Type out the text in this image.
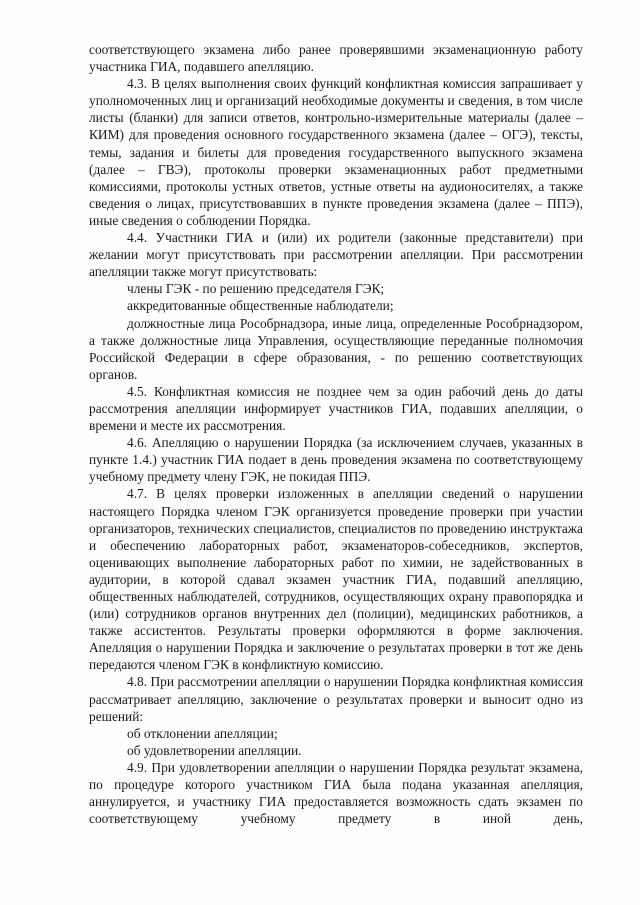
соответствующего экзамена либо ранее проверявшими экзаменационную работу участника ГИА, подавшего апелляцию.

4.3. В целях выполнения своих функций конфликтная комиссия запрашивает у уполномоченных лиц и организаций необходимые документы и сведения, в том числе листы (бланки) для записи ответов, контрольно-измерительные материалы (далее – КИМ) для проведения основного государственного экзамена (далее – ОГЭ), тексты, темы, задания и билеты для проведения государственного выпускного экзамена (далее – ГВЭ), протоколы проверки экзаменационных работ предметными комиссиями, протоколы устных ответов, устные ответы на аудионосителях, а также сведения о лицах, присутствовавших в пункте проведения экзамена (далее – ППЭ), иные сведения о соблюдении Порядка.

4.4. Участники ГИА и (или) их родители (законные представители) при желании могут присутствовать при рассмотрении апелляции. При рассмотрении апелляции также могут присутствовать:

члены ГЭК - по решению председателя ГЭК;

аккредитованные общественные наблюдатели;

должностные лица Рособрнадзора, иные лица, определенные Рособрнадзором, а также должностные лица Управления, осуществляющие переданные полномочия Российской Федерации в сфере образования, - по решению соответствующих органов.

4.5. Конфликтная комиссия не позднее чем за один рабочий день до даты рассмотрения апелляции информирует участников ГИА, подавших апелляции, о времени и месте их рассмотрения.

4.6. Апелляцию о нарушении Порядка (за исключением случаев, указанных в пункте 1.4.) участник ГИА подает в день проведения экзамена по соответствующему учебному предмету члену ГЭК, не покидая ППЭ.

4.7. В целях проверки изложенных в апелляции сведений о нарушении настоящего Порядка членом ГЭК организуется проведение проверки при участии организаторов, технических специалистов, специалистов по проведению инструктажа и обеспечению лабораторных работ, экзаменаторов-собеседников, экспертов, оценивающих выполнение лабораторных работ по химии, не задействованных в аудитории, в которой сдавал экзамен участник ГИА, подавший апелляцию, общественных наблюдателей, сотрудников, осуществляющих охрану правопорядка и (или) сотрудников органов внутренних дел (полиции), медицинских работников, а также ассистентов. Результаты проверки оформляются в форме заключения. Апелляция о нарушении Порядка и заключение о результатах проверки в тот же день передаются членом ГЭК в конфликтную комиссию.

4.8. При рассмотрении апелляции о нарушении Порядка конфликтная комиссия рассматривает апелляцию, заключение о результатах проверки и выносит одно из решений:

об отклонении апелляции;

об удовлетворении апелляции.

4.9. При удовлетворении апелляции о нарушении Порядка результат экзамена, по процедуре которого участником ГИА была подана указанная апелляция, аннулируется, и участнику ГИА предоставляется возможность сдать экзамен по соответствующему учебному предмету в иной день,
